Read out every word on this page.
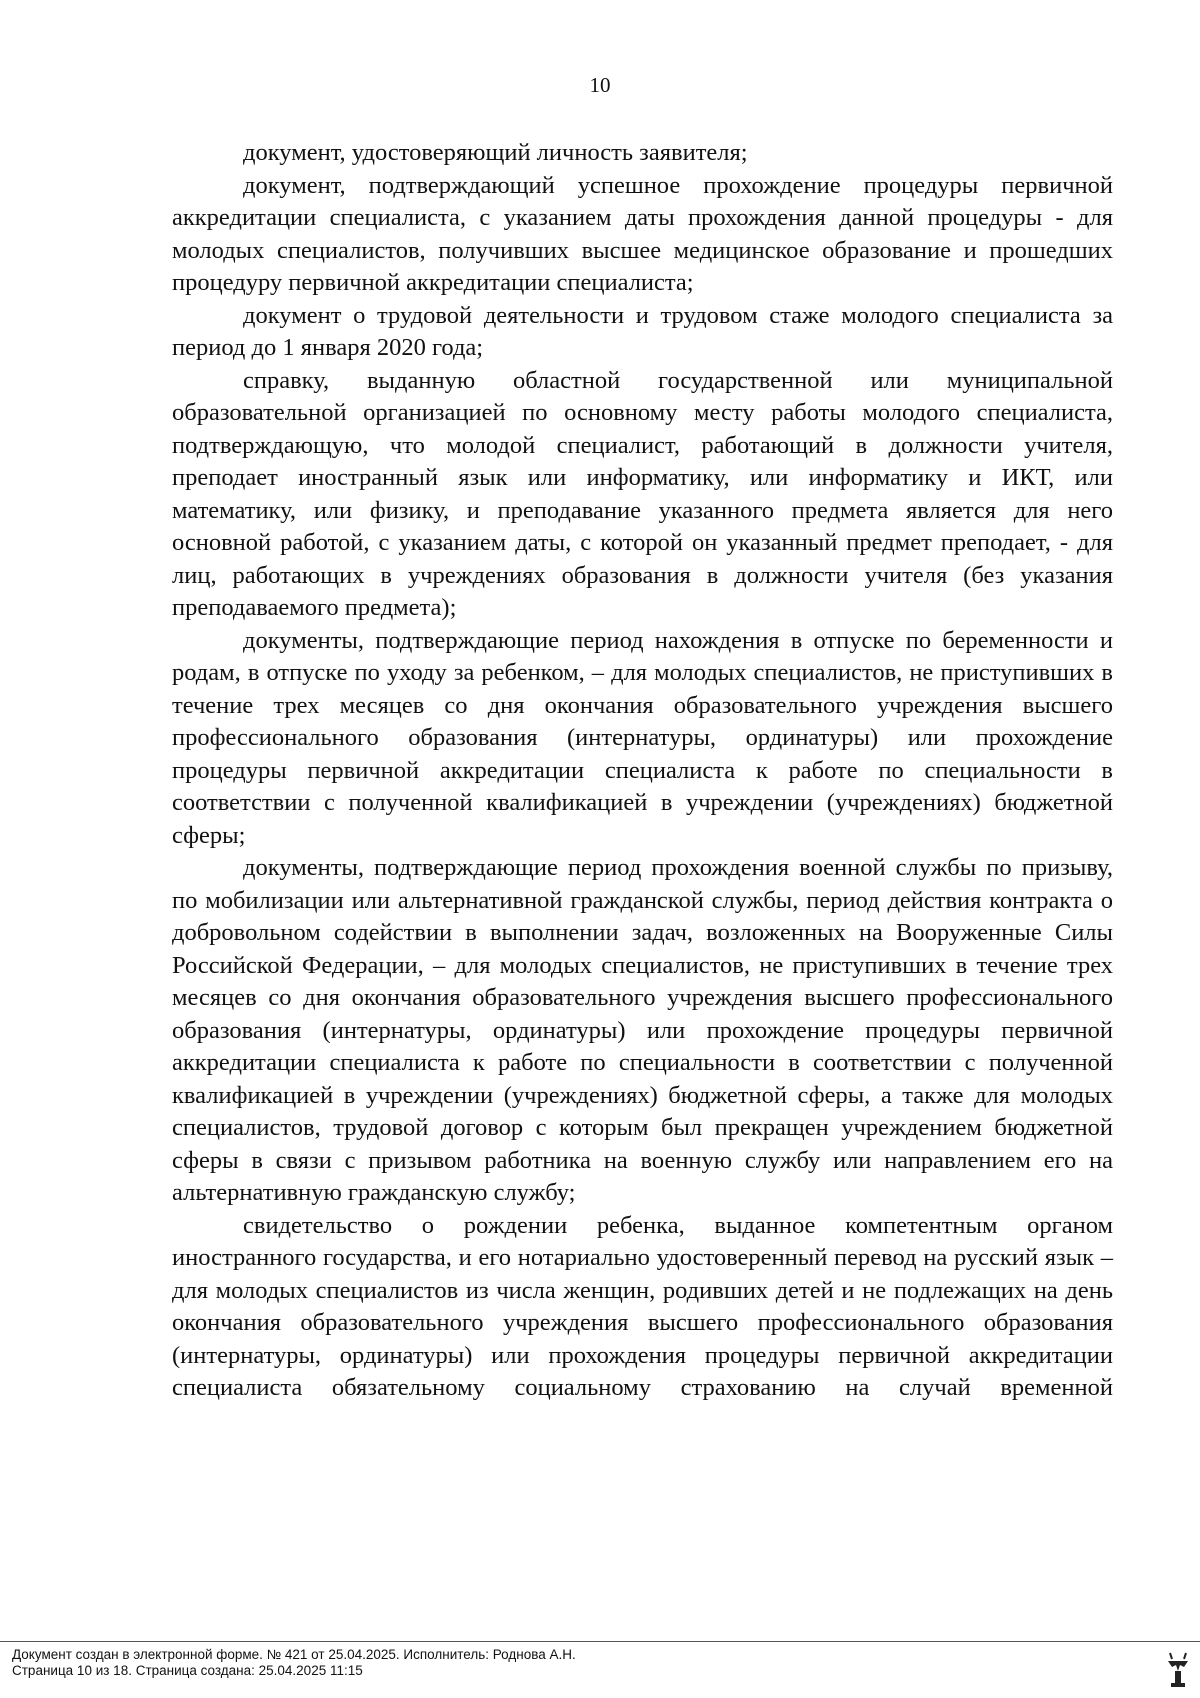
10

документ, удостоверяющий личность заявителя;

документ, подтверждающий успешное прохождение процедуры первичной аккредитации специалиста, с указанием даты прохождения данной процедуры - для молодых специалистов, получивших высшее медицинское образование и прошедших процедуру первичной аккредитации специалиста;

документ о трудовой деятельности и трудовом стаже молодого специалиста за период до 1 января 2020 года;

справку, выданную областной государственной или муниципальной образовательной организацией по основному месту работы молодого специалиста, подтверждающую, что молодой специалист, работающий в должности учителя, преподает иностранный язык или информатику, или информатику и ИКТ, или математику, или физику, и преподавание указанного предмета является для него основной работой, с указанием даты, с которой он указанный предмет преподает, - для лиц, работающих в учреждениях образования в должности учителя (без указания преподаваемого предмета);

документы, подтверждающие период нахождения в отпуске по беременности и родам, в отпуске по уходу за ребенком, – для молодых специалистов, не приступивших в течение трех месяцев со дня окончания образовательного учреждения высшего профессионального образования (интернатуры, ординатуры) или прохождение процедуры первичной аккредитации специалиста к работе по специальности в соответствии с полученной квалификацией в учреждении (учреждениях) бюджетной сферы;

документы, подтверждающие период прохождения военной службы по призыву, по мобилизации или альтернативной гражданской службы, период действия контракта о добровольном содействии в выполнении задач, возложенных на Вооруженные Силы Российской Федерации, – для молодых специалистов, не приступивших в течение трех месяцев со дня окончания образовательного учреждения высшего профессионального образования (интернатуры, ординатуры) или прохождение процедуры первичной аккредитации специалиста к работе по специальности в соответствии с полученной квалификацией в учреждении (учреждениях) бюджетной сферы, а также для молодых специалистов, трудовой договор с которым был прекращен учреждением бюджетной сферы в связи с призывом работника на военную службу или направлением его на альтернативную гражданскую службу;

свидетельство о рождении ребенка, выданное компетентным органом иностранного государства, и его нотариально удостоверенный перевод на русский язык – для молодых специалистов из числа женщин, родивших детей и не подлежащих на день окончания образовательного учреждения высшего профессионального образования (интернатуры, ординатуры) или прохождения процедуры первичной аккредитации специалиста обязательному социальному страхованию на случай временной

Документ создан в электронной форме. № 421 от 25.04.2025. Исполнитель: Роднова А.Н.
Страница 10 из 18. Страница создана: 25.04.2025 11:15
